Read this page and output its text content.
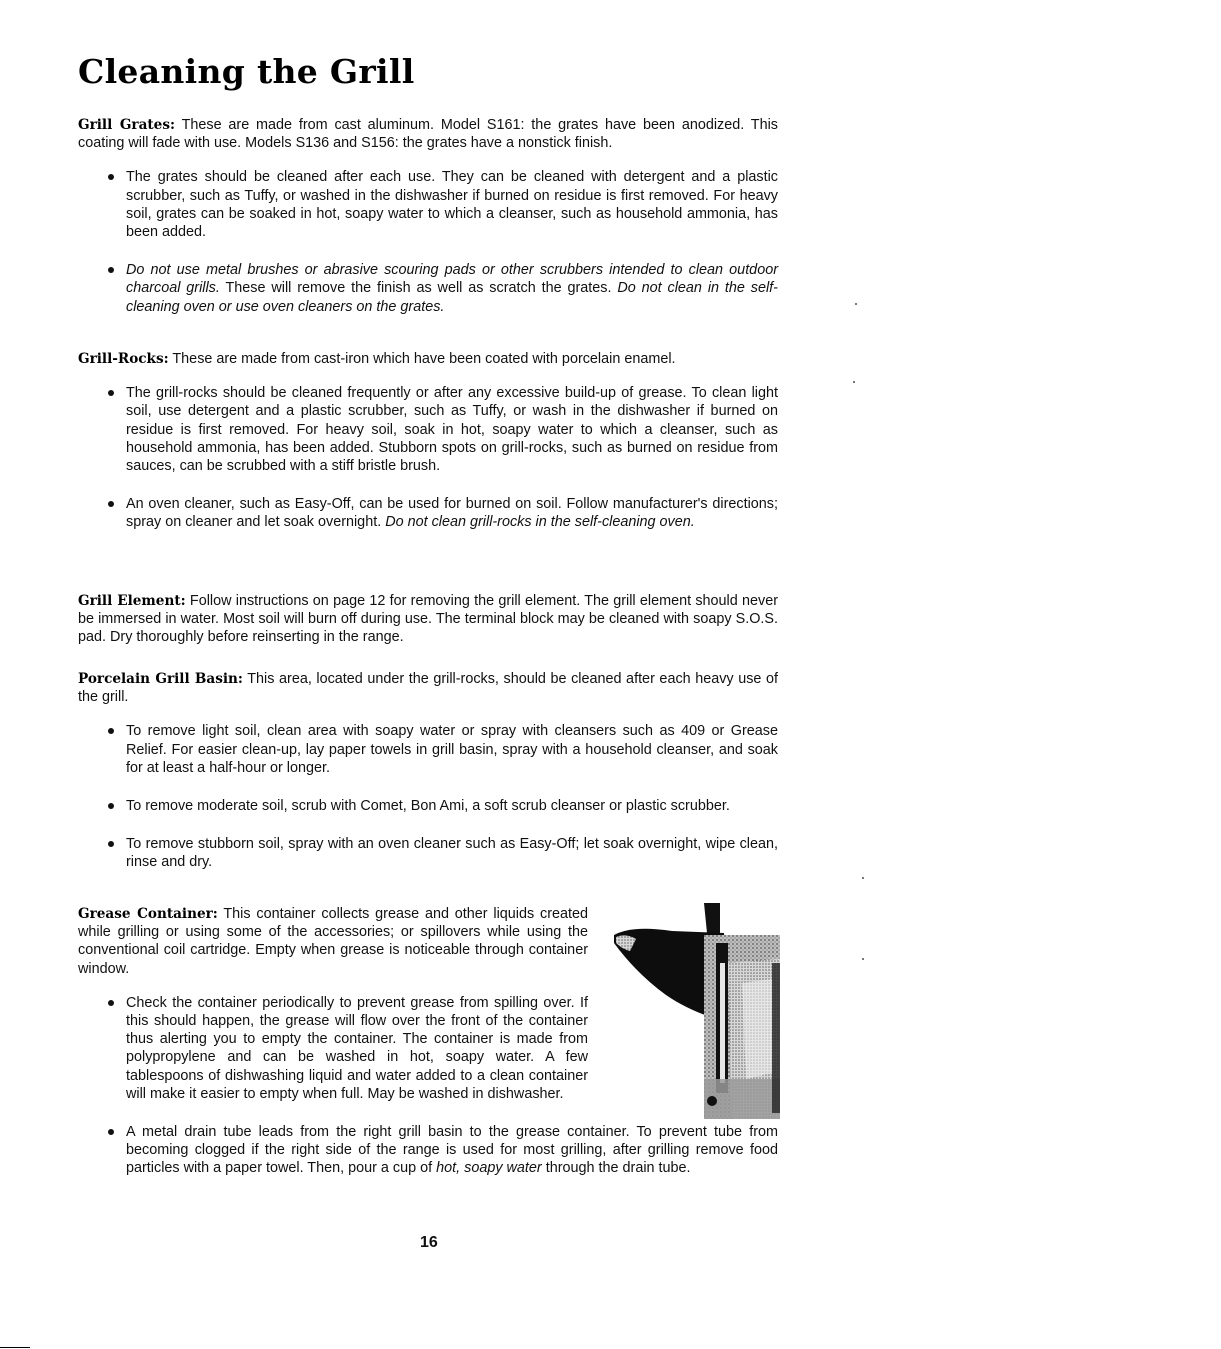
Cleaning the Grill

Grill Grates: These are made from cast aluminum. Model S161: the grates have been anodized. This coating will fade with use. Models S136 and S156: the grates have a nonstick finish.

The grates should be cleaned after each use. They can be cleaned with detergent and a plastic scrubber, such as Tuffy, or washed in the dishwasher if burned on residue is first removed. For heavy soil, grates can be soaked in hot, soapy water to which a cleanser, such as household ammonia, has been added.
Do not use metal brushes or abrasive scouring pads or other scrubbers intended to clean outdoor charcoal grills. These will remove the finish as well as scratch the grates. Do not clean in the self-cleaning oven or use oven cleaners on the grates.

Grill-Rocks: These are made from cast-iron which have been coated with porcelain enamel.

The grill-rocks should be cleaned frequently or after any excessive build-up of grease. To clean light soil, use detergent and a plastic scrubber, such as Tuffy, or wash in the dishwasher if burned on residue is first removed. For heavy soil, soak in hot, soapy water to which a cleanser, such as household ammonia, has been added. Stubborn spots on grill-rocks, such as burned on residue from sauces, can be scrubbed with a stiff bristle brush.
An oven cleaner, such as Easy-Off, can be used for burned on soil. Follow manufacturer's directions; spray on cleaner and let soak overnight. Do not clean grill-rocks in the self-cleaning oven.

Grill Element: Follow instructions on page 12 for removing the grill element. The grill element should never be immersed in water. Most soil will burn off during use. The terminal block may be cleaned with soapy S.O.S. pad. Dry thoroughly before reinserting in the range.

Porcelain Grill Basin: This area, located under the grill-rocks, should be cleaned after each heavy use of the grill.

To remove light soil, clean area with soapy water or spray with cleansers such as 409 or Grease Relief. For easier clean-up, lay paper towels in grill basin, spray with a household cleanser, and soak for at least a half-hour or longer.
To remove moderate soil, scrub with Comet, Bon Ami, a soft scrub cleanser or plastic scrubber.
To remove stubborn soil, spray with an oven cleaner such as Easy-Off; let soak overnight, wipe clean, rinse and dry.

Grease Container: This container collects grease and other liquids created while grilling or using some of the accessories; or spillovers while using the conventional coil cartridge. Empty when grease is noticeable through container window.

Check the container periodically to prevent grease from spilling over. If this should happen, the grease will flow over the front of the container thus alerting you to empty the container. The container is made from polypropylene and can be washed in hot, soapy water. A few tablespoons of dishwashing liquid and water added to a clean container will make it easier to empty when full. May be washed in dishwasher.
A metal drain tube leads from the right grill basin to the grease container. To prevent tube from becoming clogged if the right side of the range is used for most grilling, after grilling remove food particles with a paper towel. Then, pour a cup of hot, soapy water through the drain tube.
16
